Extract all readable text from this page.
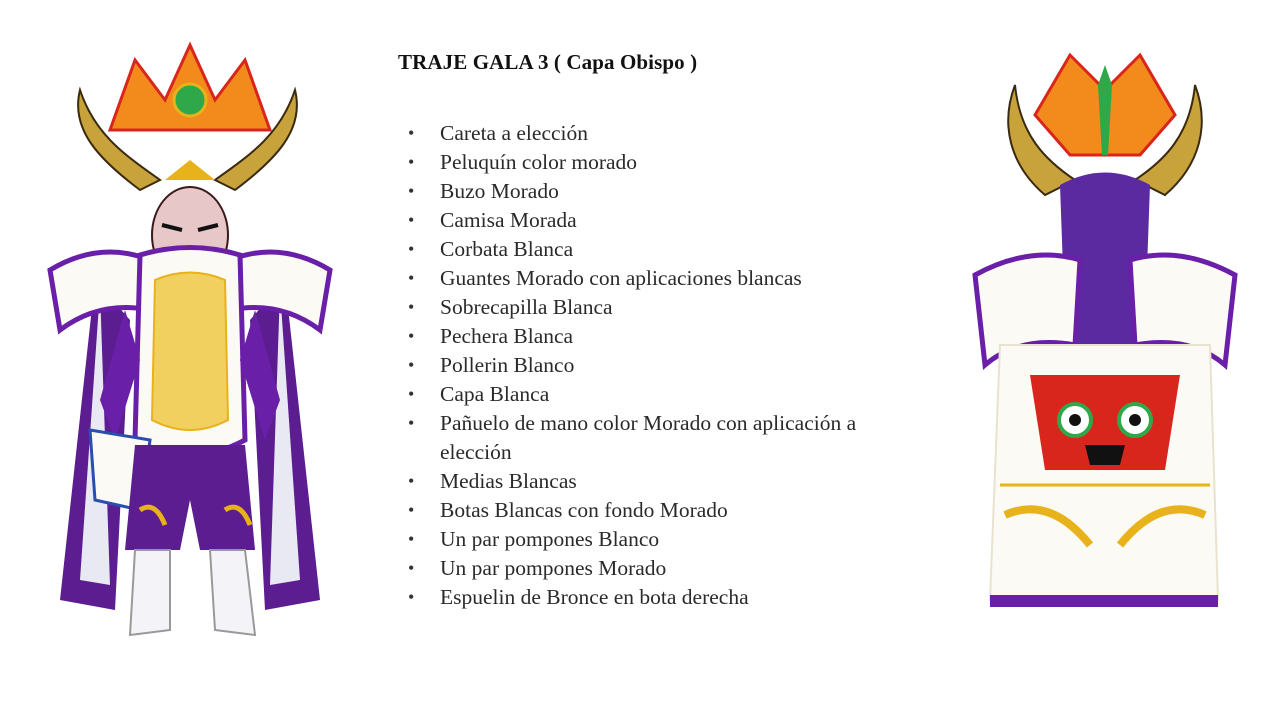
TRAJE GALA 3 ( Capa Obispo )
• Careta a elección
• Peluquín color morado
• Buzo Morado
• Camisa Morada
• Corbata Blanca
• Guantes Morado con aplicaciones blancas
• Sobrecapilla Blanca
• Pechera Blanca
• Pollerin Blanco
• Capa Blanca
• Pañuelo de mano color Morado con aplicación a elección
• Medias Blancas
• Botas Blancas con fondo Morado
• Un par pompones Blanco
• Un par pompones Morado
• Espuelin de Bronce en bota derecha
